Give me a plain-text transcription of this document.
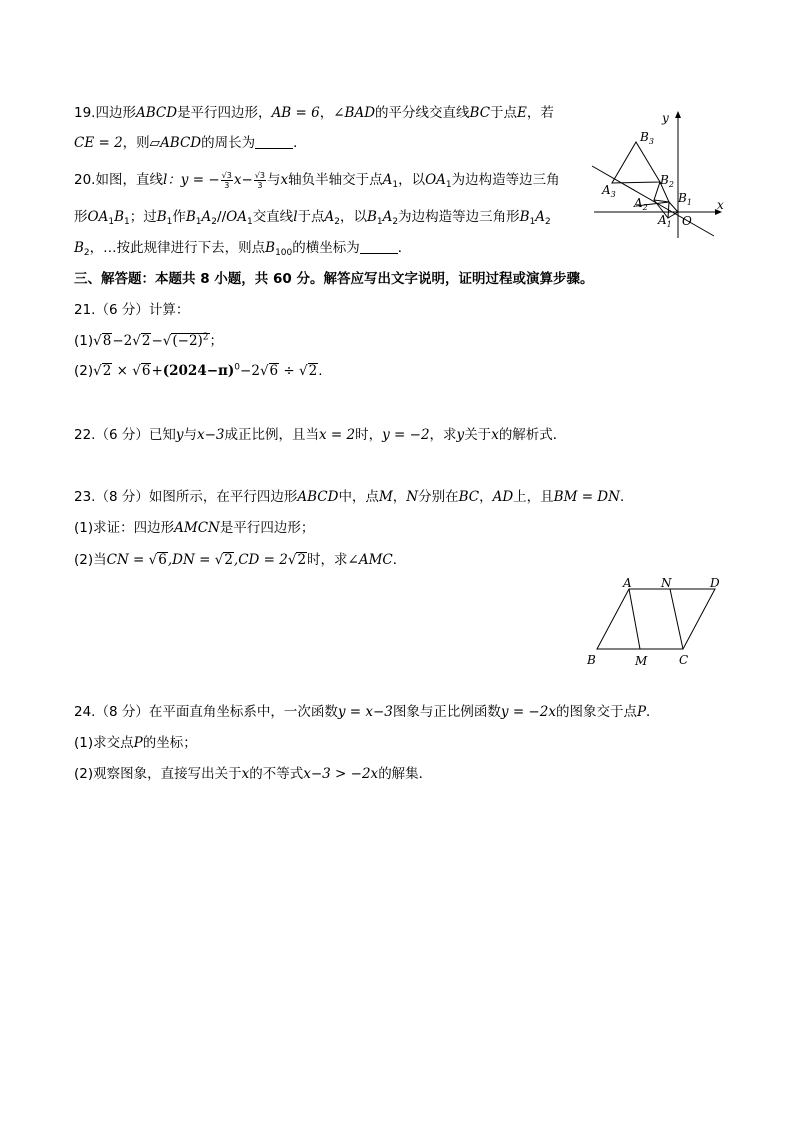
19.四边形ABCD是平行四边形，AB = 6，∠BAD的平分线交直线BC于点E，若
CE = 2，则▱ABCD的周长为	．
20.如图，直线l：y = − $\frac{√3}{3} x- \frac{√3}{3}$ 与x轴负半轴交于点$A_1$，以$OA_1$为边构造等边三角
形$OA_1B_1$；过$B_1$作$B_1A_2//OA_1$交直线l于点$A_2$，以$B_1A_2$为边构造等边三角形$B_1A_2$
$B_2$，…按此规律进行下去，则点$B_{100}$的横坐标为	．
y
x
O
$B_3$
$B_2$
$B_1$
$A_3$
$A_2$
$A_1$
三、解答题：本题共 8 小题，共 60 分。解答应写出文字说明，证明过程或演算步骤。
21.（6 分）计算：
$(1)√8-2√2-√(-2)^2$；
$(2)√2 \times √6+(2024-\pi)^0-2√6 \div √2$.
22.（6 分）已知y与x−3成正比例，且当x = 2时，y = −2，求y关于x的解析式．
23.（8 分）如图所示，在平行四边形ABCD中，点M，N分别在BC，AD上，且BM = DN．
(1)求证：四边形AMCN是平行四边形；
(2)当CN = √6,DN = √2,CD = 2√2时，求∠AMC．
A N	D
B	M	C
24.（8 分）在平面直角坐标系中，一次函数y = x−3图象与正比例函数y = −2x的图象交于点P．
(1)求交点P的坐标；
(2)观察图象，直接写出关于x的不等式x−3 > −2x的解集．
